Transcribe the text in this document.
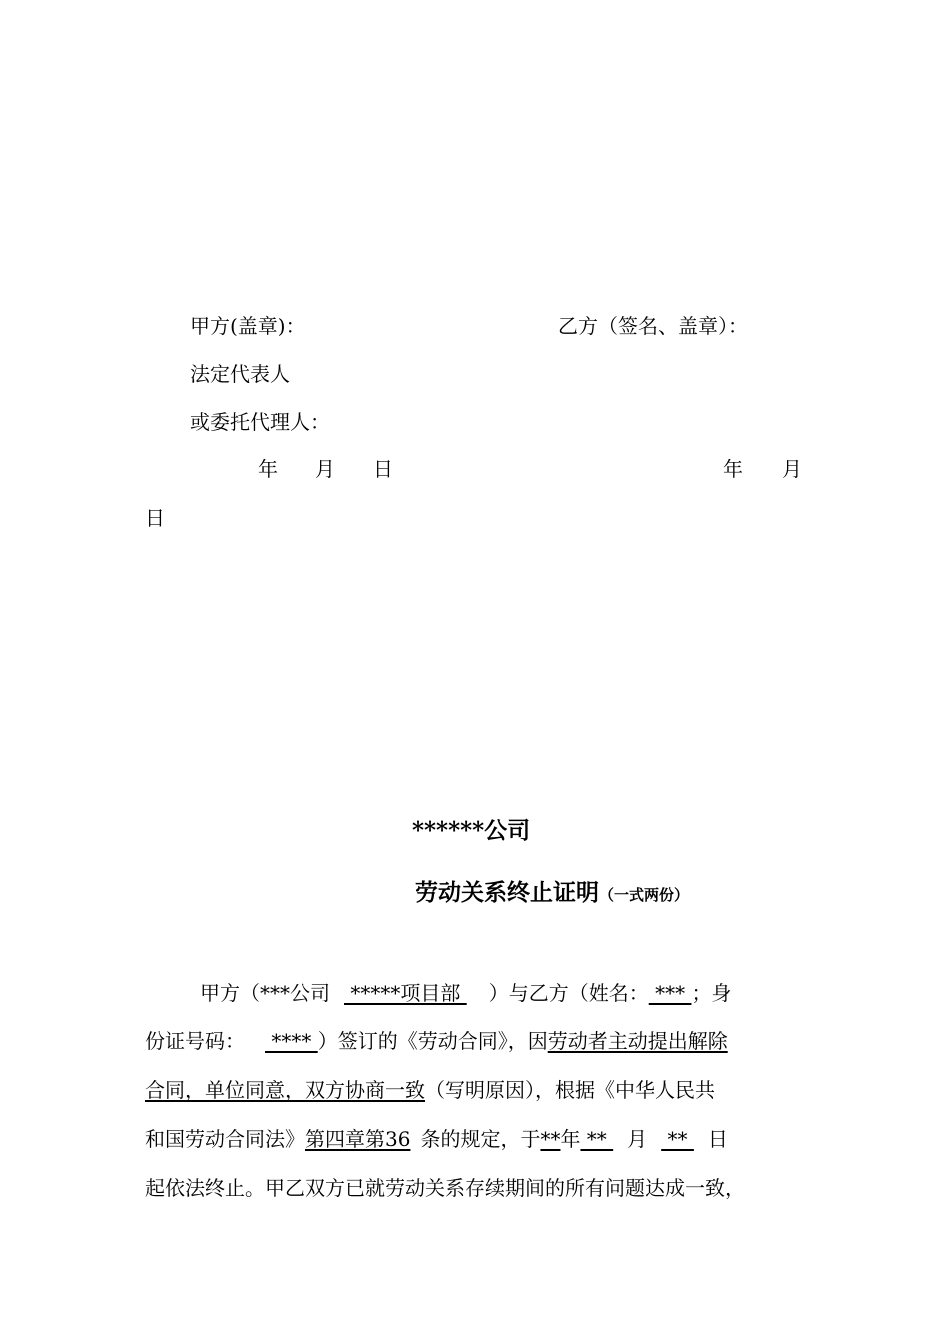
甲方(盖章)：	乙方（签名、盖章）：
法定代表人
或委托代理人：
年 月 日	年 月
日
******公司
劳动关系终止证明（一式两份）
甲方（***公司 *****项目部 ）与乙方（姓名： *** ；身
份证号码： **** ）签订的《劳动合同》，因劳动者主动提出解除
合同，单位同意，双方协商一致（写明原因），根据《中华人民共
和国劳动合同法》第四章第36 条的规定，于**年 ** 月 ** 日
起依法终止。甲乙双方已就劳动关系存续期间的所有问题达成一致，
